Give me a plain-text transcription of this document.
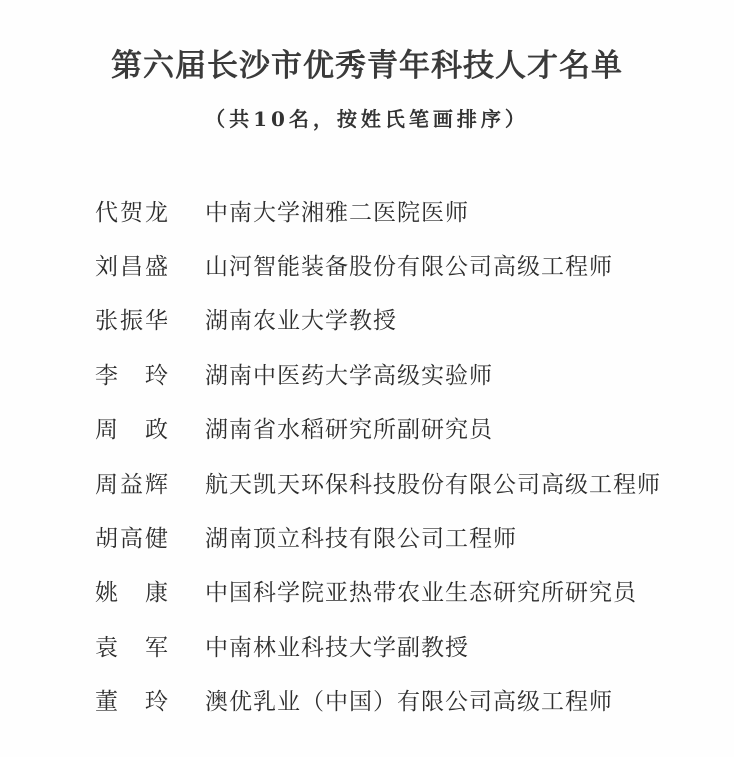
第六届长沙市优秀青年科技人才名单
（共10名，按姓氏笔画排序）
代贺龙	中南大学湘雅二医院医师
刘昌盛	山河智能装备股份有限公司高级工程师
张振华	湖南农业大学教授
李　玲	湖南中医药大学高级实验师
周　政	湖南省水稻研究所副研究员
周益辉	航天凯天环保科技股份有限公司高级工程师
胡高健	湖南顶立科技有限公司工程师
姚　康	中国科学院亚热带农业生态研究所研究员
袁　军	中南林业科技大学副教授
董　玲	澳优乳业（中国）有限公司高级工程师
